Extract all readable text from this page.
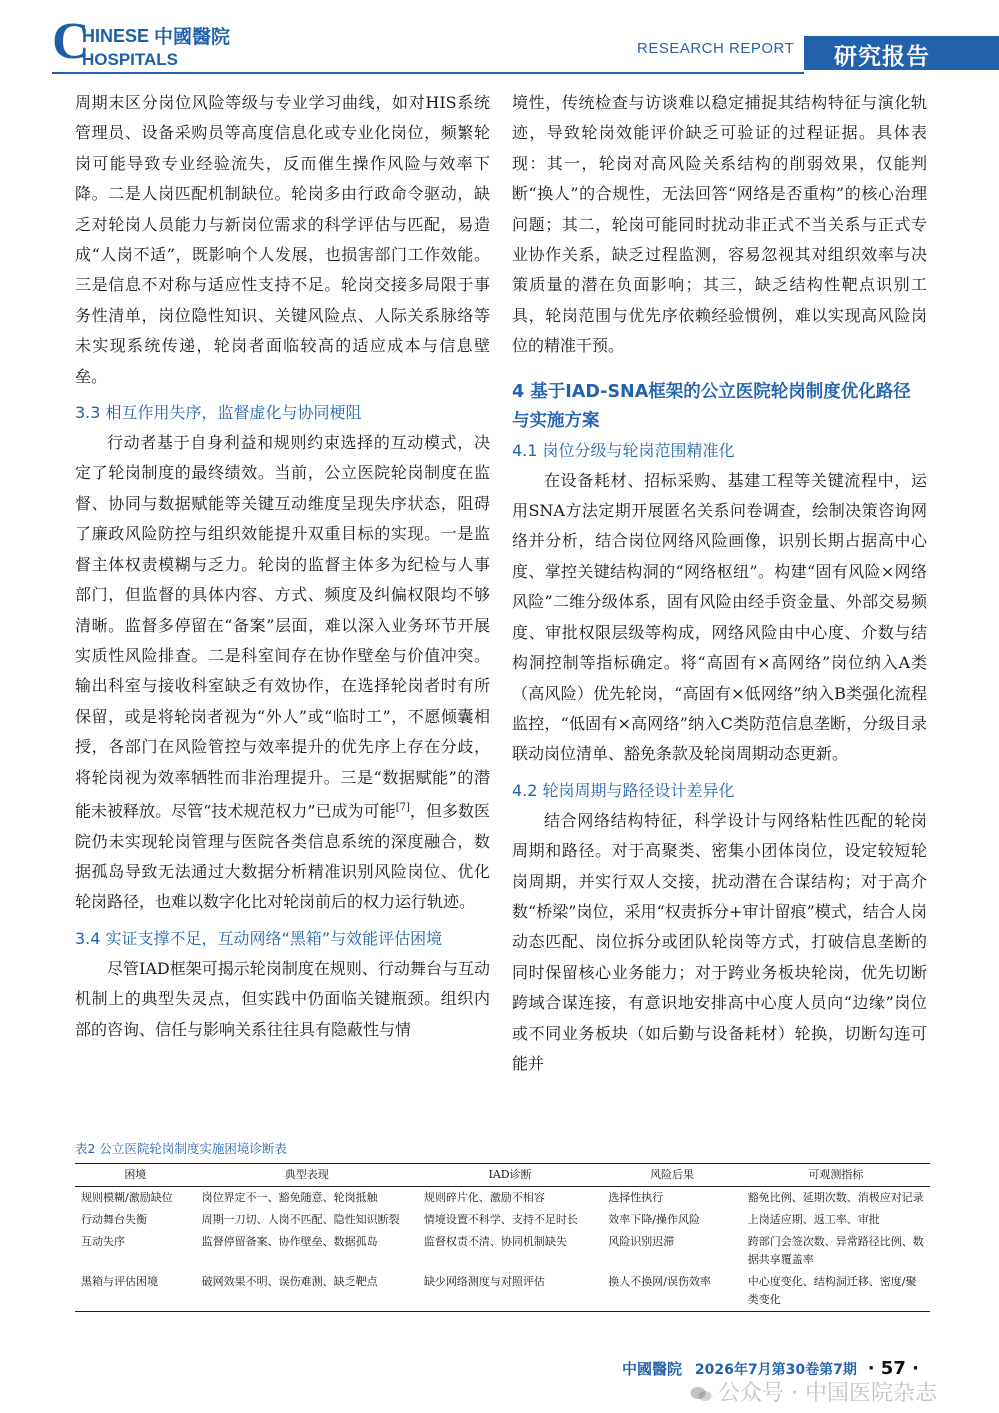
C
HINESE
HOSPITALS
中國醫院
RESEARCH REPORT 研究报告

周期末区分岗位风险等级与专业学习曲线，如对HIS系统管理员、设备采购员等高度信息化或专业化岗位，频繁轮岗可能导致专业经验流失，反而催生操作风险与效率下降。二是人岗匹配机制缺位。轮岗多由行政命令驱动，缺乏对轮岗人员能力与新岗位需求的科学评估与匹配，易造成“人岗不适”，既影响个人发展，也损害部门工作效能。三是信息不对称与适应性支持不足。轮岗交接多局限于事务性清单，岗位隐性知识、关键风险点、人际关系脉络等未实现系统传递，轮岗者面临较高的适应成本与信息壁垒。

3.3 相互作用失序，监督虚化与协同梗阻

行动者基于自身利益和规则约束选择的互动模式，决定了轮岗制度的最终绩效。当前，公立医院轮岗制度在监督、协同与数据赋能等关键互动维度呈现失序状态，阻碍了廉政风险防控与组织效能提升双重目标的实现。一是监督主体权责模糊与乏力。轮岗的监督主体多为纪检与人事部门，但监督的具体内容、方式、频度及纠偏权限均不够清晰。监督多停留在“备案”层面，难以深入业务环节开展实质性风险排查。二是科室间存在协作壁垒与价值冲突。输出科室与接收科室缺乏有效协作，在选择轮岗者时有所保留，或是将轮岗者视为“外人”或“临时工”，不愿倾囊相授，各部门在风险管控与效率提升的优先序上存在分歧，将轮岗视为效率牺牲而非治理提升。三是“数据赋能”的潜能未被释放。尽管“技术规范权力”已成为可能[7]，但多数医院仍未实现轮岗管理与医院各类信息系统的深度融合，数据孤岛导致无法通过大数据分析精准识别风险岗位、优化轮岗路径，也难以数字化比对轮岗前后的权力运行轨迹。

3.4 实证支撑不足，互动网络“黑箱”与效能评估困境

尽管IAD框架可揭示轮岗制度在规则、行动舞台与互动机制上的典型失灵点，但实践中仍面临关键瓶颈。组织内部的咨询、信任与影响关系往往具有隐蔽性与情

境性，传统检查与访谈难以稳定捕捉其结构特征与演化轨迹，导致轮岗效能评价缺乏可验证的过程证据。具体表现：其一，轮岗对高风险关系结构的削弱效果，仅能判断“换人”的合规性，无法回答“网络是否重构”的核心治理问题；其二，轮岗可能同时扰动非正式不当关系与正式专业协作关系，缺乏过程监测，容易忽视其对组织效率与决策质量的潜在负面影响；其三，缺乏结构性靶点识别工具，轮岗范围与优先序依赖经验惯例，难以实现高风险岗位的精准干预。

4 基于IAD-SNA框架的公立医院轮岗制度优化路径与实施方案
4.1 岗位分级与轮岗范围精准化

在设备耗材、招标采购、基建工程等关键流程中，运用SNA方法定期开展匿名关系问卷调查，绘制决策咨询网络并分析，结合岗位网络风险画像，识别长期占据高中心度、掌控关键结构洞的“网络枢纽”。构建“固有风险×网络风险”二维分级体系，固有风险由经手资金量、外部交易频度、审批权限层级等构成，网络风险由中心度、介数与结构洞控制等指标确定。将“高固有×高网络”岗位纳入A类（高风险）优先轮岗，“高固有×低网络”纳入B类强化流程监控，“低固有×高网络”纳入C类防范信息垄断，分级目录联动岗位清单、豁免条款及轮岗周期动态更新。

4.2 轮岗周期与路径设计差异化

结合网络结构特征，科学设计与网络粘性匹配的轮岗周期和路径。对于高聚类、密集小团体岗位，设定较短轮岗周期，并实行双人交接，扰动潜在合谋结构；对于高介数“桥梁”岗位，采用“权责拆分+审计留痕”模式，结合人岗动态匹配、岗位拆分或团队轮岗等方式，打破信息垄断的同时保留核心业务能力；对于跨业务板块轮岗，优先切断跨域合谋连接，有意识地安排高中心度人员向“边缘”岗位或不同业务板块（如后勤与设备耗材）轮换，切断勾连可能并

表2 公立医院轮岗制度实施困境诊断表
困境	典型表现	IAD诊断	风险后果	可观测指标
规则模糊/激励缺位	岗位界定不一、豁免随意、轮岗抵触	规则碎片化、激励不相容	选择性执行	豁免比例、延期次数、消极应对记录
行动舞台失衡	周期一刀切、人岗不匹配、隐性知识断裂	情境设置不科学、支持不足时长	效率下降/操作风险	上岗适应期、返工率、审批
互动失序	监督停留备案、协作壁垒、数据孤岛	监督权责不清、协同机制缺失	风险识别迟滞	跨部门会签次数、异常路径比例、数据共享覆盖率
黑箱与评估困境	破网效果不明、误伤难测、缺乏靶点	缺少网络测度与对照评估	换人不换网/误伤效率	中心度变化、结构洞迁移、密度/聚类变化
中國醫院 2026年7月第30卷第7期 · 57 ·
公众号 · 中国医院杂志
